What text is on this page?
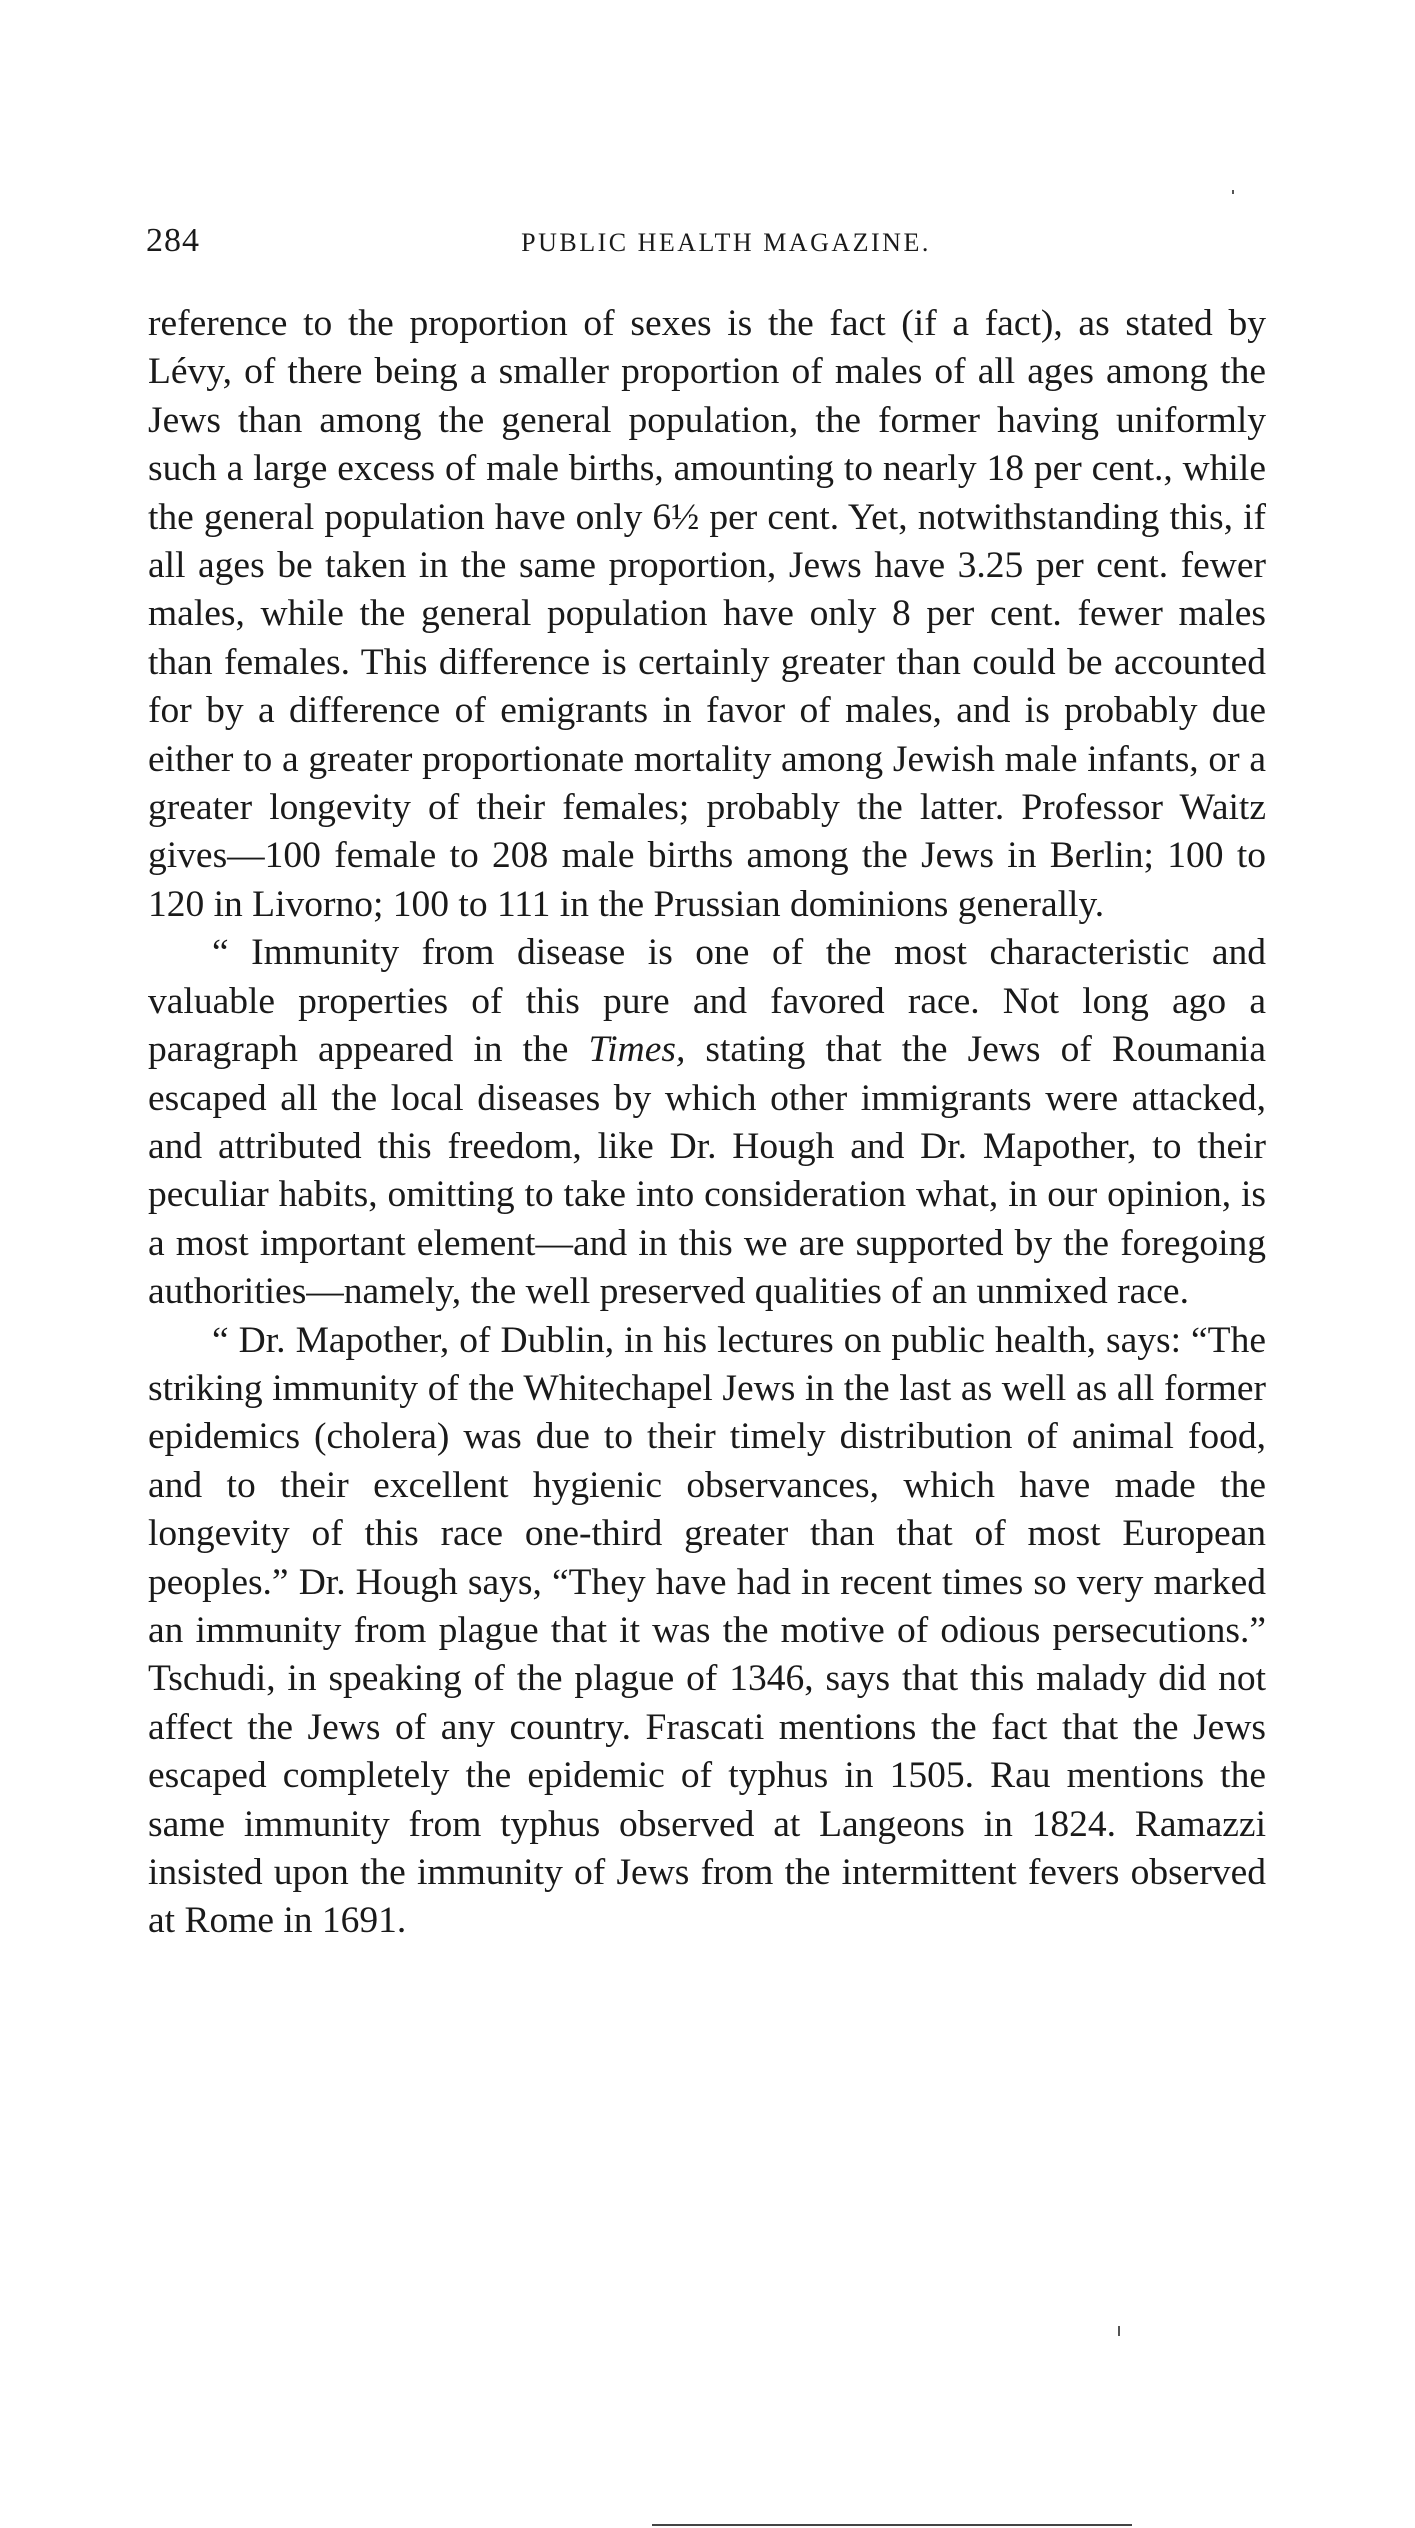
284	PUBLIC HEALTH MAGAZINE.

reference to the proportion of sexes is the fact (if a fact), as stated by Lévy, of there being a smaller proportion of males of all ages among the Jews than among the general population, the former having uniformly such a large excess of male births, amounting to nearly 18 per cent., while the general population have only 6½ per cent. Yet, notwithstanding this, if all ages be taken in the same proportion, Jews have 3.25 per cent. fewer males, while the general population have only 8 per cent. fewer males than females. This difference is certainly greater than could be accounted for by a difference of emigrants in favor of males, and is probably due either to a greater proportionate mortality among Jewish male infants, or a greater longevity of their females; probably the latter. Professor Waitz gives—100 female to 208 male births among the Jews in Berlin; 100 to 120 in Livorno; 100 to 111 in the Prussian dominions generally.

“ Immunity from disease is one of the most characteristic and valuable properties of this pure and favored race. Not long ago a paragraph appeared in the Times, stating that the Jews of Roumania escaped all the local diseases by which other immigrants were attacked, and attributed this freedom, like Dr. Hough and Dr. Mapother, to their peculiar habits, omitting to take into consideration what, in our opinion, is a most important element—and in this we are supported by the foregoing authorities—namely, the well preserved qualities of an unmixed race.

“ Dr. Mapother, of Dublin, in his lectures on public health, says: “The striking immunity of the Whitechapel Jews in the last as well as all former epidemics (cholera) was due to their timely distribution of animal food, and to their excellent hygienic observances, which have made the longevity of this race one-third greater than that of most European peoples.” Dr. Hough says, “They have had in recent times so very marked an immunity from plague that it was the motive of odious persecutions.” Tschudi, in speaking of the plague of 1346, says that this malady did not affect the Jews of any country. Frascati mentions the fact that the Jews escaped completely the epidemic of typhus in 1505. Rau mentions the same immunity from typhus observed at Langeons in 1824. Ramazzi insisted upon the immunity of Jews from the intermittent fevers observed at Rome in 1691.
